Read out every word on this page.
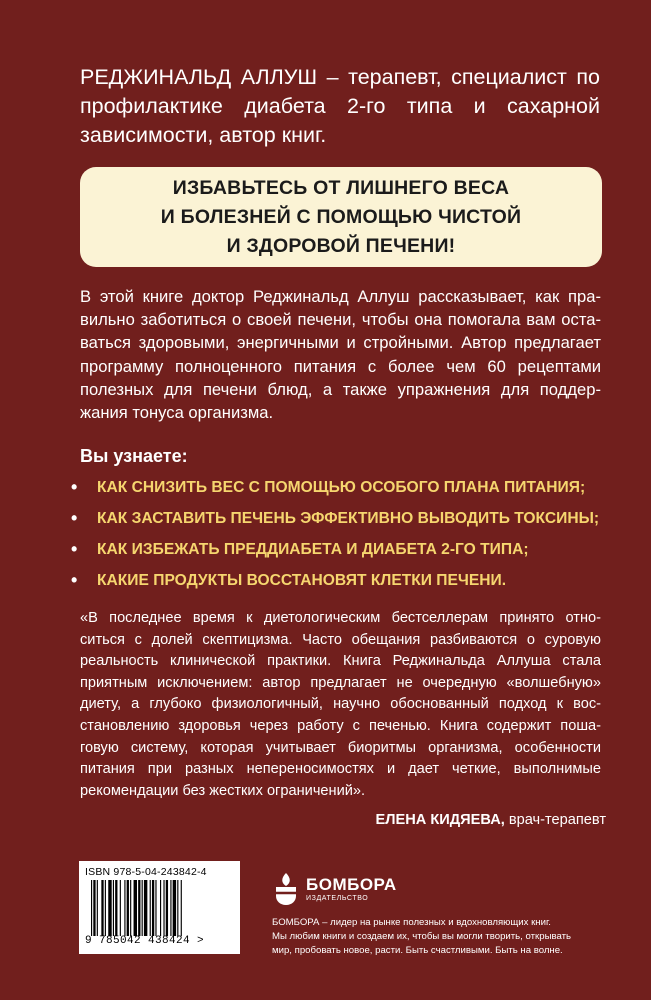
РЕДЖИНАЛЬД АЛЛУШ – терапевт, специалист по профилактике диабета 2-го типа и сахарной зависимости, автор книг.

ИЗБАВЬТЕСЬ ОТ ЛИШНЕГО ВЕСА
И БОЛЕЗНЕЙ С ПОМОЩЬЮ ЧИСТОЙ
И ЗДОРОВОЙ ПЕЧЕНИ!

В этой книге доктор Реджинальд Аллуш рассказывает, как пра-
вильно заботиться о своей печени, чтобы она помогала вам оста-
ваться здоровыми, энергичными и стройными. Автор предлагает
программу полноценного питания с более чем 60 рецептами
полезных для печени блюд, а также упражнения для поддер-
жания тонуса организма.

Вы узнаете:
•	КАК СНИЗИТЬ ВЕС С ПОМОЩЬЮ ОСОБОГО ПЛАНА ПИТАНИЯ;
•	КАК ЗАСТАВИТЬ ПЕЧЕНЬ ЭФФЕКТИВНО ВЫВОДИТЬ ТОКСИНЫ;
•	КАК ИЗБЕЖАТЬ ПРЕДДИАБЕТА И ДИАБЕТА 2-ГО ТИПА;
•	КАКИЕ ПРОДУКТЫ ВОССТАНОВЯТ КЛЕТКИ ПЕЧЕНИ.

«В последнее время к диетологическим бестселлерам принято отно-
ситься с долей скептицизма. Часто обещания разбиваются о суровую
реальность клинической практики. Книга Реджинальда Аллуша стала
приятным исключением: автор предлагает не очередную «волшебную»
диету, а глубоко физиологичный, научно обоснованный подход к вос-
становлению здоровья через работу с печенью. Книга содержит поша-
говую систему, которая учитывает биоритмы организма, особенности
питания при разных непереносимостях и дает четкие, выполнимые
рекомендации без жестких ограничений».

ЕЛЕНА КИДЯЕВА, врач-терапевт
ISBN 978-5-04-243842-4
9 785042 438424 >
БОМБОРА
ИЗДАТЕЛЬСТВО

БОМБОРА – лидер на рынке полезных и вдохновляющих книг.
Мы любим книги и создаем их, чтобы вы могли творить, открывать
мир, пробовать новое, расти. Быть счастливыми. Быть на волне.
